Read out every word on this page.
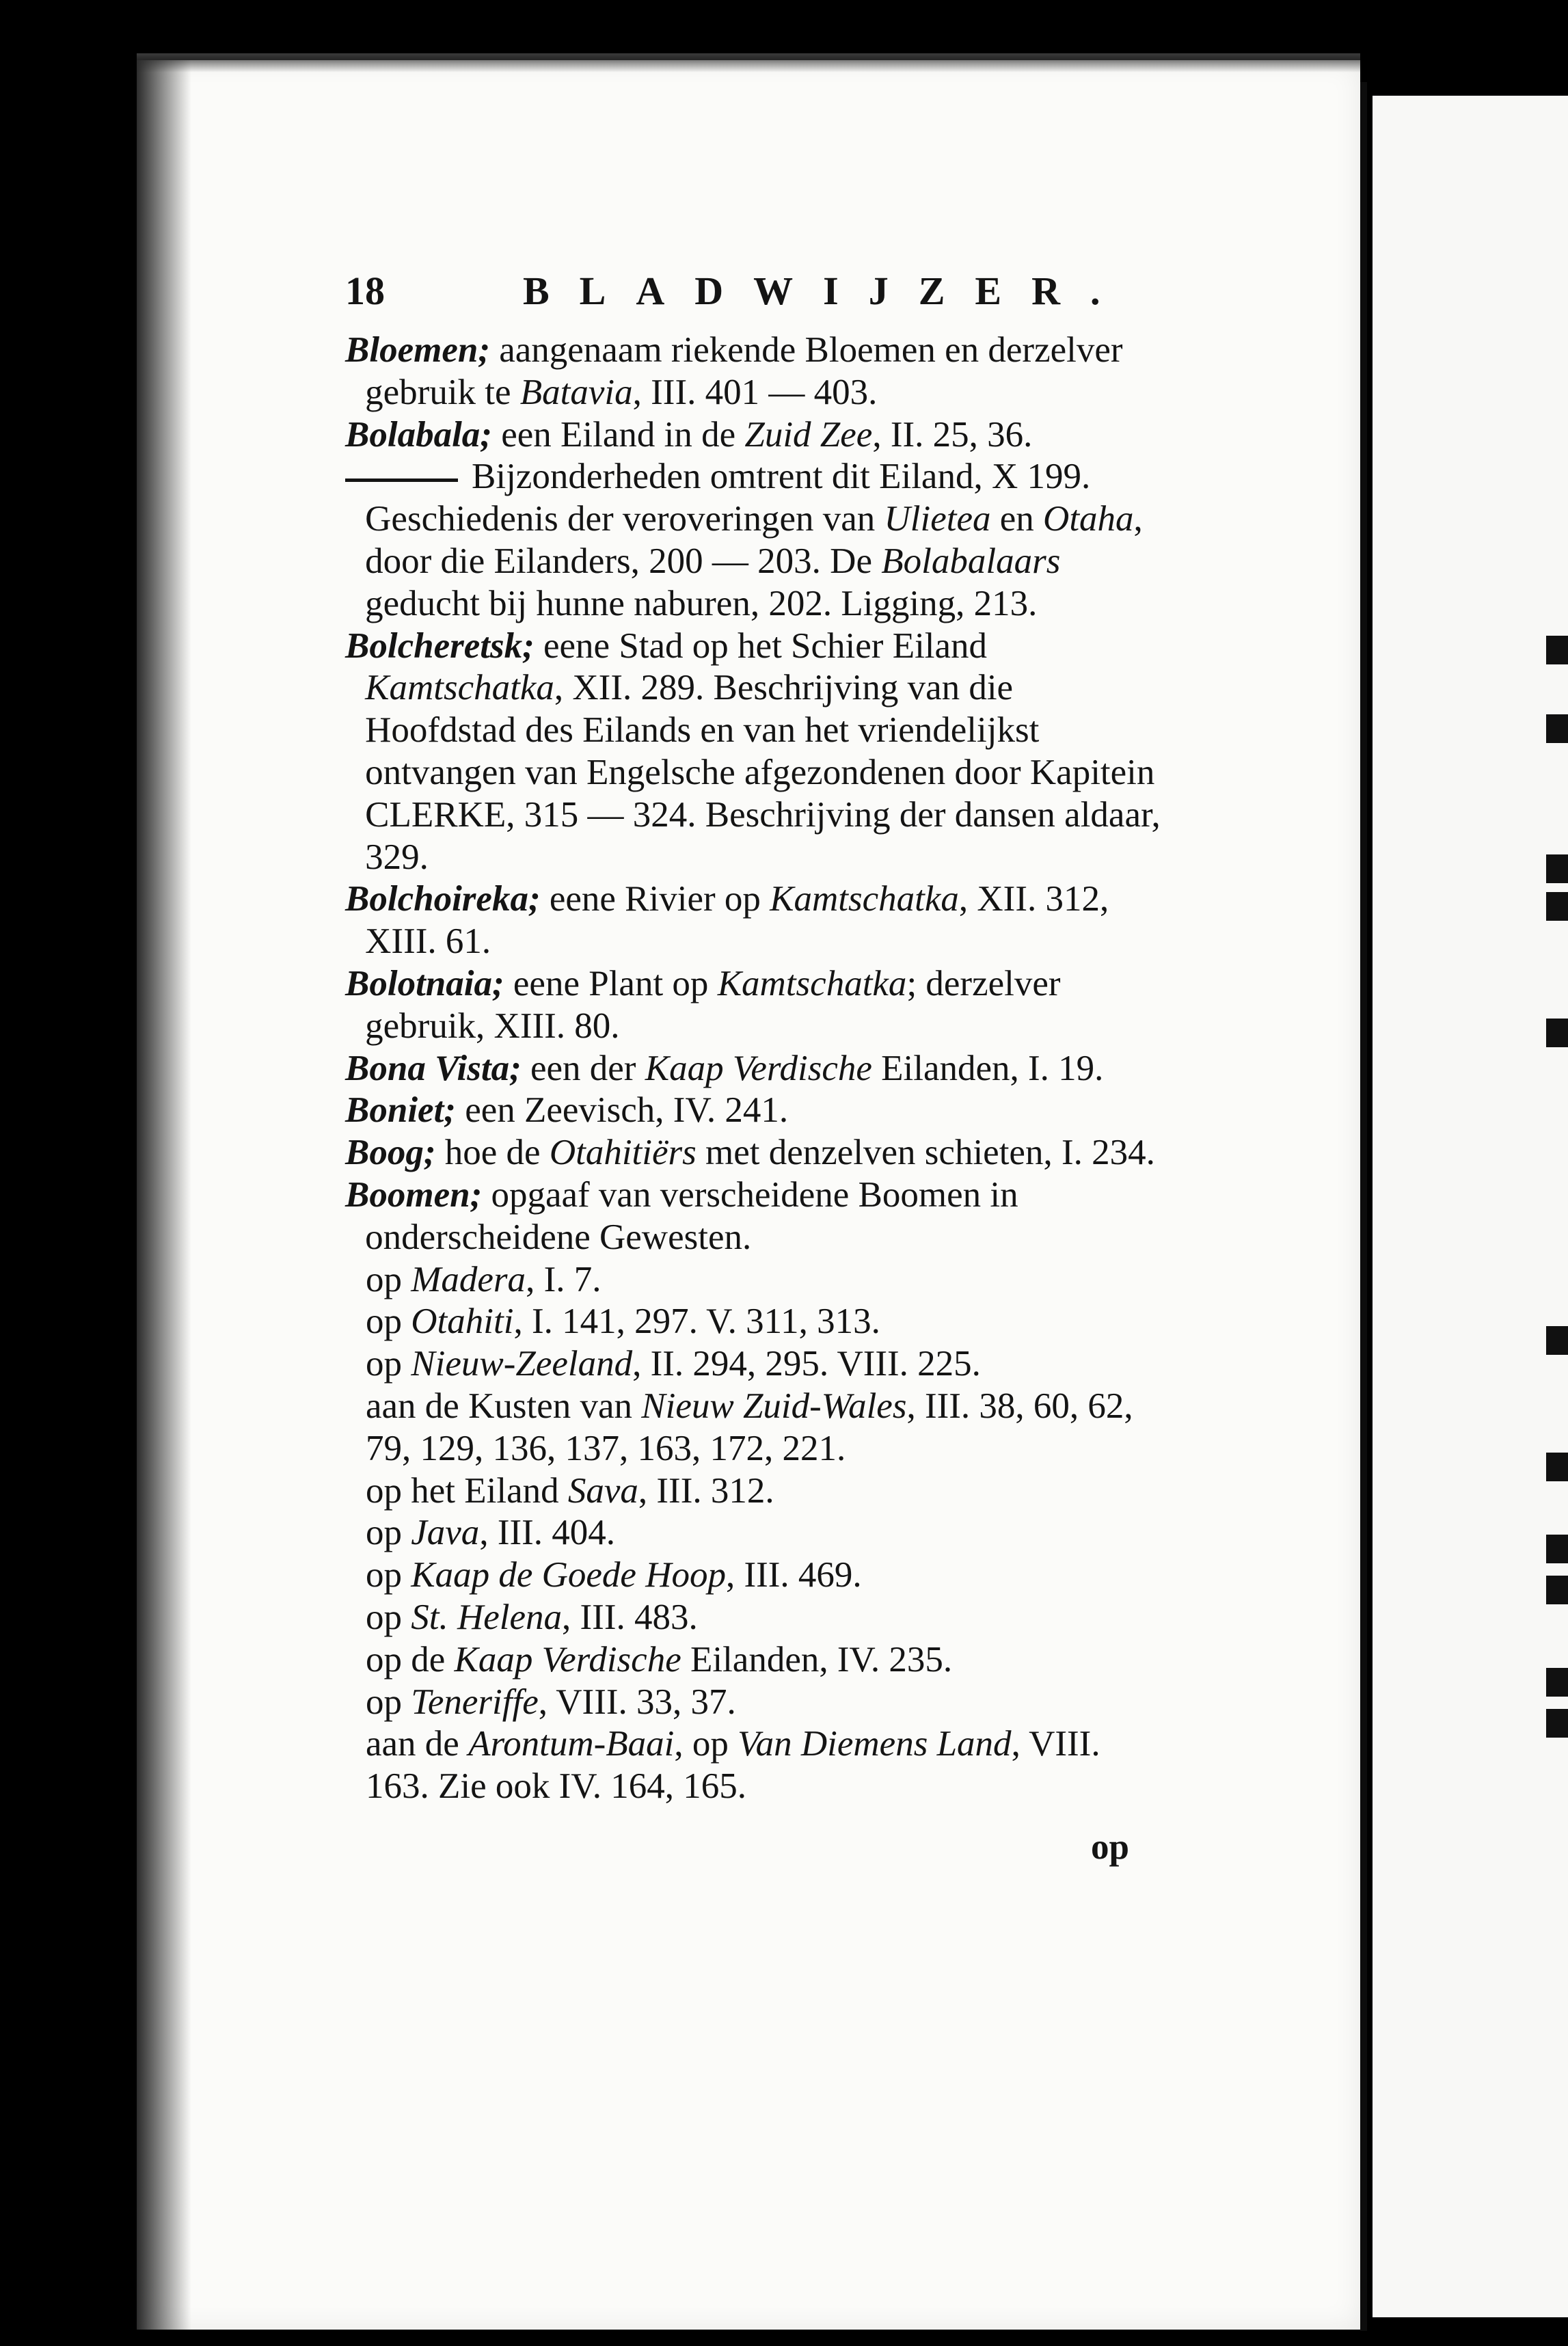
18	BLADWIJZER.
Bloemen; aangenaam riekende Bloemen en derzelver gebruik te Batavia, III. 401 — 403.
Bolabala; een Eiland in de Zuid Zee, II. 25, 36.
Bijzonderheden omtrent dit Eiland, X 199. Geschiedenis der veroveringen van Ulietea en Otaha, door die Eilanders, 200 — 203. De Bolabalaars geducht bij hunne naburen, 202. Ligging, 213.
Bolcheretsk; eene Stad op het Schier Eiland Kamtschatka, XII. 289. Beschrijving van die Hoofdstad des Eilands en van het vriendelijkst ontvangen van Engelsche afgezondenen door Kapitein CLERKE, 315 — 324. Beschrijving der dansen aldaar, 329.
Bolchoireka; eene Rivier op Kamtschatka, XII. 312, XIII. 61.
Bolotnaia; eene Plant op Kamtschatka; derzelver gebruik, XIII. 80.
Bona Vista; een der Kaap Verdische Eilanden, I. 19.
Boniet; een Zeevisch, IV. 241.
Boog; hoe de Otahitiërs met denzelven schieten, I. 234.
Boomen; opgaaf van verscheidene Boomen in onderscheidene Gewesten.
op Madera, I. 7.
op Otahiti, I. 141, 297. V. 311, 313.
op Nieuw-Zeeland, II. 294, 295. VIII. 225.
aan de Kusten van Nieuw Zuid-Wales, III. 38, 60, 62, 79, 129, 136, 137, 163, 172, 221.
op het Eiland Sava, III. 312.
op Java, III. 404.
op Kaap de Goede Hoop, III. 469.
op St. Helena, III. 483.
op de Kaap Verdische Eilanden, IV. 235.
op Teneriffe, VIII. 33, 37.
aan de Arontum-Baai, op Van Diemens Land, VIII. 163. Zie ook IV. 164, 165.
op
